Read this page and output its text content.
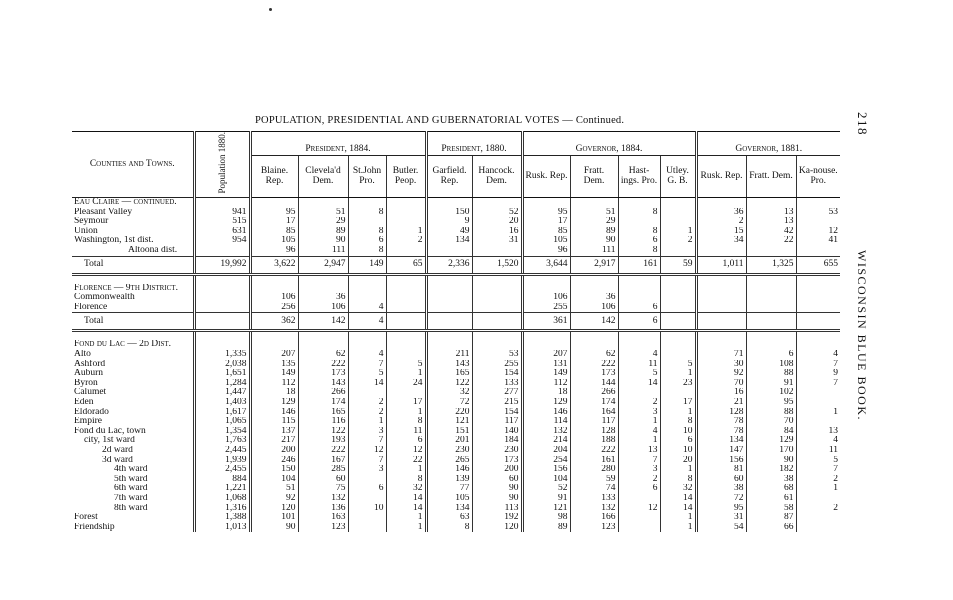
POPULATION, PRESIDENTIAL AND GUBERNATORIAL VOTES — Continued.	218
WISCONSIN BLUE BOOK.
Counties and Towns.	Population 1880.	President, 1884.				President, 1880.		Governor, 1884.				Governor, 1881.		
		Blaine. Rep.	Clevela'd Dem.	St.John Pro.	Butler. Peop.	Garfield. Rep.	Hancock. Dem.	Rusk. Rep.	Fratt. Dem.	Hast-ings. Pro.	Utley. G. B.	Rusk. Rep.	Fratt. Dem.	Ka-nouse. Pro.
Eau Claire — continued.														
Pleasant Valley	941	95	51	8		150	52	95	51	8		36	13	53
Seymour	515	17	29			9	20	17	29			2	13	
Union	631	85	89	8	1	49	16	85	89	8	1	15	42	12
Washington, 1st dist.	954	105	90	6	2	134	31	105	90	6	2	34	22	41
Altoona dist.		96	111	8				96	111	8				
Total	19,992	3,622	2,947	149	65	2,336	1,520	3,644	2,917	161	59	1,011	1,325	655

Florence — 9th District.														
Commonwealth		106	36					106	36					
Florence		256	106	4				255	106	6				
Total		362	142	4				361	142	6				

Fond du Lac — 2d Dist.														
Alto	1,335	207	62	4		211	53	207	62	4		71	6	4
Ashford	2,038	135	222	7	5	143	255	131	222	11	5	30	108	7
Auburn	1,651	149	173	5	1	165	154	149	173	5	1	92	88	9
Byron	1,284	112	143	14	24	122	133	112	144	14	23	70	91	7
Calumet	1,447	18	266			32	277	18	266			16	102	
Eden	1,403	129	174	2	17	72	215	129	174	2	17	21	95	
Eldorado	1,617	146	165	2	1	220	154	146	164	3	1	128	88	1
Empire	1,065	115	116	1	8	121	117	114	117	1	8	78	70	
Fond du Lac, town	1,354	137	122	3	11	151	140	132	128	4	10	78	84	13
city, 1st ward	1,763	217	193	7	6	201	184	214	188	1	6	134	129	4
2d ward	2,445	200	222	12	12	230	230	204	222	13	10	147	170	11
3d ward	1,939	246	167	7	22	265	173	254	161	7	20	156	90	5
4th ward	2,455	150	285	3	1	146	200	156	280	3	1	81	182	7
5th ward	884	104	60		8	139	60	104	59	2	8	60	38	2
6th ward	1,221	51	75	6	32	77	90	52	74	6	32	38	68	1
7th ward	1,068	92	132		14	105	90	91	133		14	72	61	
8th ward	1,316	120	136	10	14	134	113	121	132	12	14	95	58	2
Forest	1,388	101	163		1	63	192	98	166		1	31	87	
Friendship	1,013	90	123		1	8	120	89	123		1	54	66	
